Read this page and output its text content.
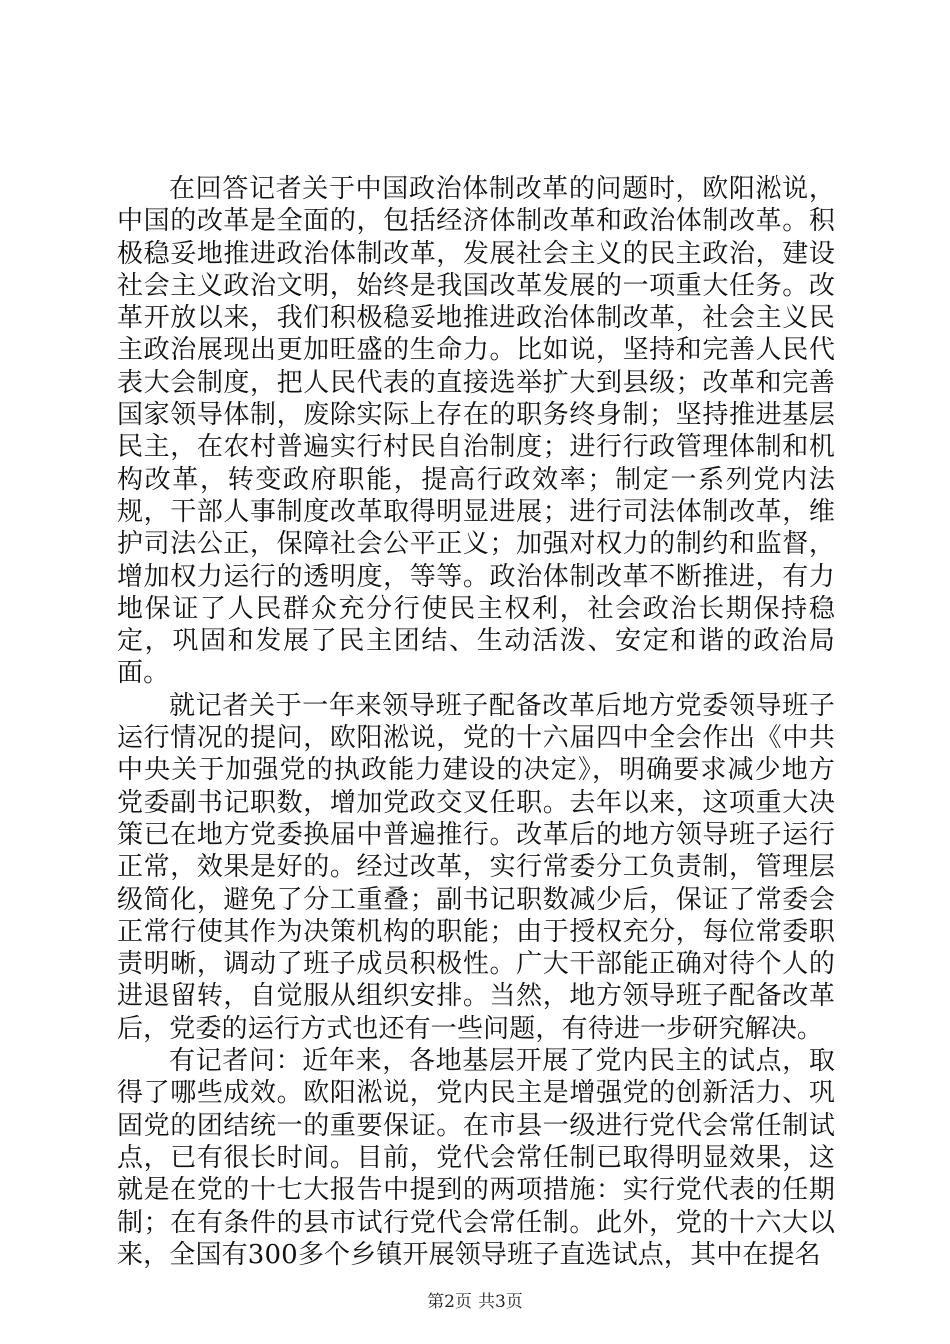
在回答记者关于中国政治体制改革的问题时，欧阳淞说，中国的改革是全面的，包括经济体制改革和政治体制改革。积极稳妥地推进政治体制改革，发展社会主义的民主政治，建设社会主义政治文明，始终是我国改革发展的一项重大任务。改革开放以来，我们积极稳妥地推进政治体制改革，社会主义民主政治展现出更加旺盛的生命力。比如说，坚持和完善人民代表大会制度，把人民代表的直接选举扩大到县级；改革和完善国家领导体制，废除实际上存在的职务终身制；坚持推进基层民主，在农村普遍实行村民自治制度；进行行政管理体制和机构改革，转变政府职能，提高行政效率；制定一系列党内法规，干部人事制度改革取得明显进展；进行司法体制改革，维护司法公正，保障社会公平正义；加强对权力的制约和监督，增加权力运行的透明度，等等。政治体制改革不断推进，有力地保证了人民群众充分行使民主权利，社会政治长期保持稳定，巩固和发展了民主团结、生动活泼、安定和谐的政治局面。

就记者关于一年来领导班子配备改革后地方党委领导班子运行情况的提问，欧阳淞说，党的十六届四中全会作出《中共中央关于加强党的执政能力建设的决定》，明确要求减少地方党委副书记职数，增加党政交叉任职。去年以来，这项重大决策已在地方党委换届中普遍推行。改革后的地方领导班子运行正常，效果是好的。经过改革，实行常委分工负责制，管理层级简化，避免了分工重叠；副书记职数减少后，保证了常委会正常行使其作为决策机构的职能；由于授权充分，每位常委职责明晰，调动了班子成员积极性。广大干部能正确对待个人的进退留转，自觉服从组织安排。当然，地方领导班子配备改革后，党委的运行方式也还有一些问题，有待进一步研究解决。

有记者问：近年来，各地基层开展了党内民主的试点，取得了哪些成效。欧阳淞说，党内民主是增强党的创新活力、巩固党的团结统一的重要保证。在市县一级进行党代会常任制试点，已有很长时间。目前，党代会常任制已取得明显效果，这就是在党的十七大报告中提到的两项措施：实行党代表的任期制；在有条件的县市试行党代会常任制。此外，党的十六大以来，全国有300多个乡镇开展领导班子直选试点，其中在提名

第2页 共3页
